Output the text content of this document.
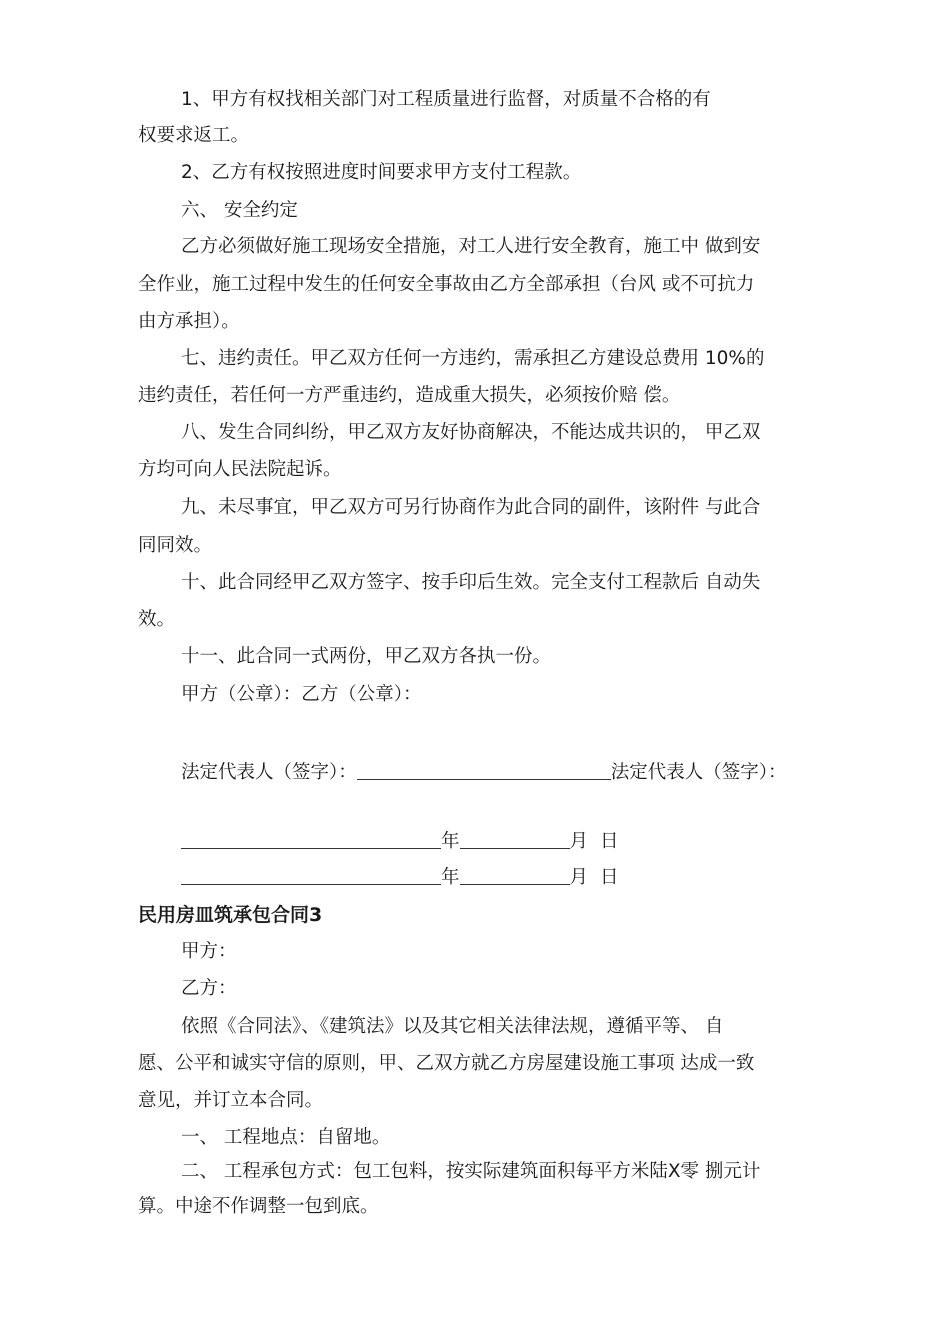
1、甲方有权找相关部门对工程质量进行监督，对质量不合格的有
权要求返工。
2、乙方有权按照进度时间要求甲方支付工程款。
六、 安全约定
乙方必须做好施工现场安全措施，对工人进行安全教育，施工中 做到安
全作业，施工过程中发生的任何安全事故由乙方全部承担（台风 或不可抗力
由方承担）。
七、违约责任。甲乙双方任何一方违约，需承担乙方建设总费用 10%的
违约责任，若任何一方严重违约，造成重大损失，必须按价赔 偿。
八、发生合同纠纷，甲乙双方友好协商解决，不能达成共识的， 甲乙双
方均可向人民法院起诉。
九、未尽事宜，甲乙双方可另行协商作为此合同的副件，该附件 与此合
同同效。
十、此合同经甲乙双方签字、按手印后生效。完全支付工程款后 自动失
效。
十一、此合同一式两份，甲乙双方各执一份。
甲方（公章）：乙方（公章）：
法定代表人（签字）：	法定代表人（签字）：
年	月 日
年	月 日
民用房皿筑承包合同3
甲方：
乙方：
依照《合同法》、《建筑法》以及其它相关法律法规，遵循平等、 自
愿、公平和诚实守信的原则，甲、乙双方就乙方房屋建设施工事项 达成一致
意见，并订立本合同。
一、 工程地点：自留地。
二、 工程承包方式：包工包料，按实际建筑面积每平方米陆X零 捌元计
算。中途不作调整一包到底。
